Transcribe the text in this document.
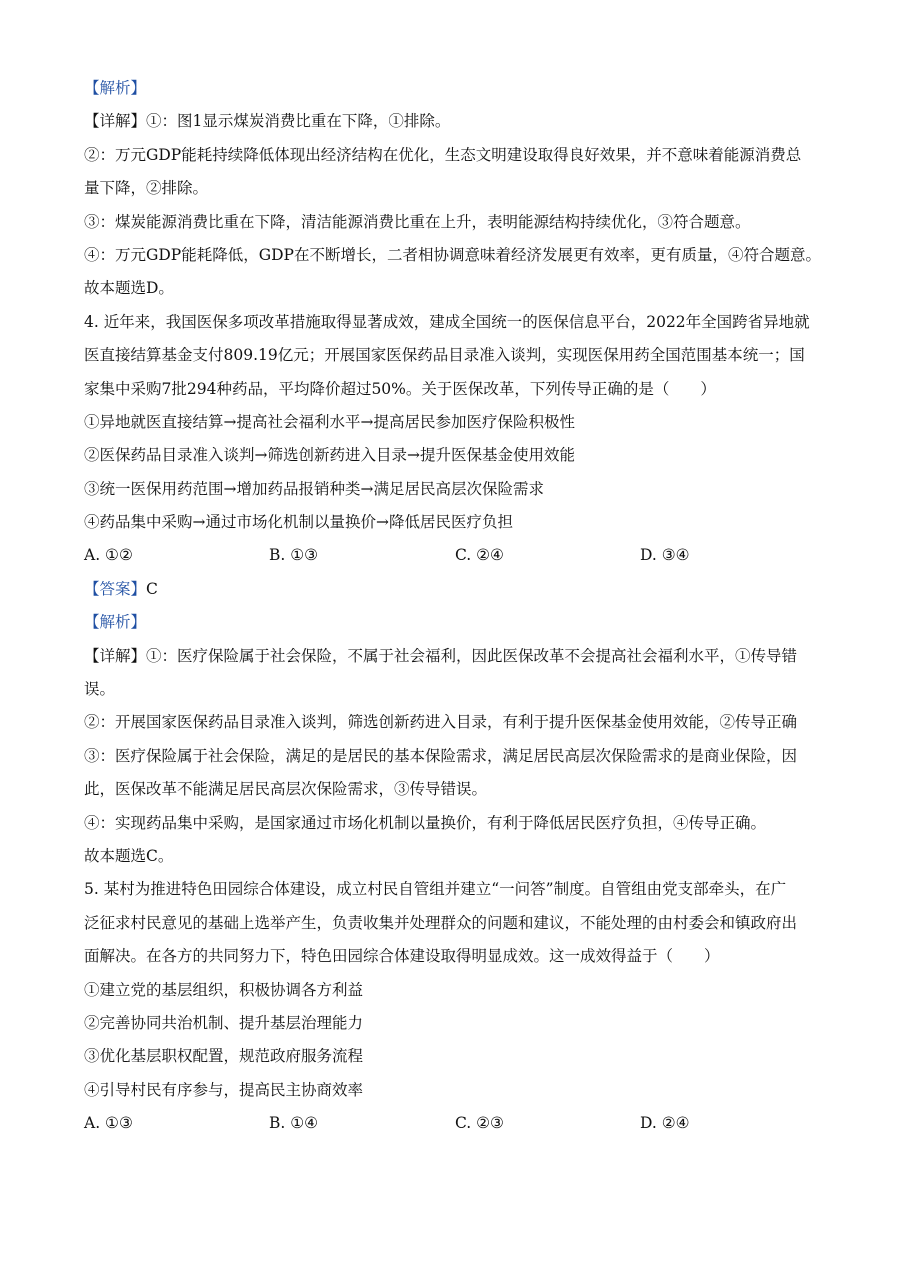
【解析】
【详解】①：图1显示煤炭消费比重在下降，①排除。
②：万元GDP能耗持续降低体现出经济结构在优化，生态文明建设取得良好效果，并不意味着能源消费总
量下降，②排除。
③：煤炭能源消费比重在下降，清洁能源消费比重在上升，表明能源结构持续优化，③符合题意。
④：万元GDP能耗降低，GDP在不断增长，二者相协调意味着经济发展更有效率，更有质量，④符合题意。
故本题选D。
4. 近年来，我国医保多项改革措施取得显著成效，建成全国统一的医保信息平台，2022年全国跨省异地就
医直接结算基金支付809.19亿元；开展国家医保药品目录准入谈判，实现医保用药全国范围基本统一；国
家集中采购7批294种药品，平均降价超过50%。关于医保改革，下列传导正确的是（　　）
①异地就医直接结算→提高社会福利水平→提高居民参加医疗保险积极性
②医保药品目录准入谈判→筛选创新药进入目录→提升医保基金使用效能
③统一医保用药范围→增加药品报销种类→满足居民高层次保险需求
④药品集中采购→通过市场化机制以量换价→降低居民医疗负担
A. ①②	B. ①③	C. ②④	D. ③④
【答案】C
【解析】
【详解】①：医疗保险属于社会保险，不属于社会福利，因此医保改革不会提高社会福利水平，①传导错
误。
②：开展国家医保药品目录准入谈判，筛选创新药进入目录，有利于提升医保基金使用效能，②传导正确
③：医疗保险属于社会保险，满足的是居民的基本保险需求，满足居民高层次保险需求的是商业保险，因
此，医保改革不能满足居民高层次保险需求，③传导错误。
④：实现药品集中采购，是国家通过市场化机制以量换价，有利于降低居民医疗负担，④传导正确。
故本题选C。
5. 某村为推进特色田园综合体建设，成立村民自管组并建立“一问答”制度。自管组由党支部牵头，在广
泛征求村民意见的基础上选举产生，负责收集并处理群众的问题和建议，不能处理的由村委会和镇政府出
面解决。在各方的共同努力下，特色田园综合体建设取得明显成效。这一成效得益于（　　）
①建立党的基层组织，积极协调各方利益
②完善协同共治机制、提升基层治理能力
③优化基层职权配置，规范政府服务流程
④引导村民有序参与，提高民主协商效率
A. ①③	B. ①④	C. ②③	D. ②④
